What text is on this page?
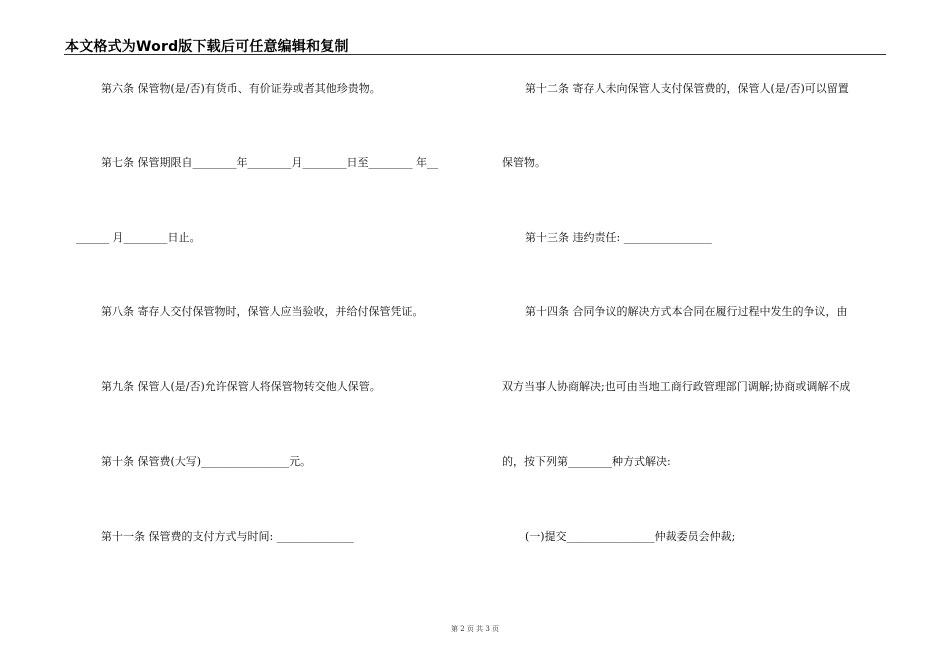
本文格式为Word版下载后可任意编辑和复制
第六条 保管物(是/否)有货币、有价证券或者其他珍贵物。
第七条 保管期限自________年________月________日至________ 年__
______ 月________日止。
第八条 寄存人交付保管物时，保管人应当验收，并给付保管凭证。
第九条 保管人(是/否)允许保管人将保管物转交他人保管。
第十条 保管费(大写)________________元。
第十一条 保管费的支付方式与时间: ______________
第十二条 寄存人未向保管人支付保管费的，保管人(是/否)可以留置
保管物。
第十三条 违约责任: ________________
第十四条 合同争议的解决方式本合同在履行过程中发生的争议，由
双方当事人协商解决;也可由当地工商行政管理部门调解;协商或调解不成
的，按下列第________种方式解决:
(一)提交________________仲裁委员会仲裁;
第 2 页 共 3 页
